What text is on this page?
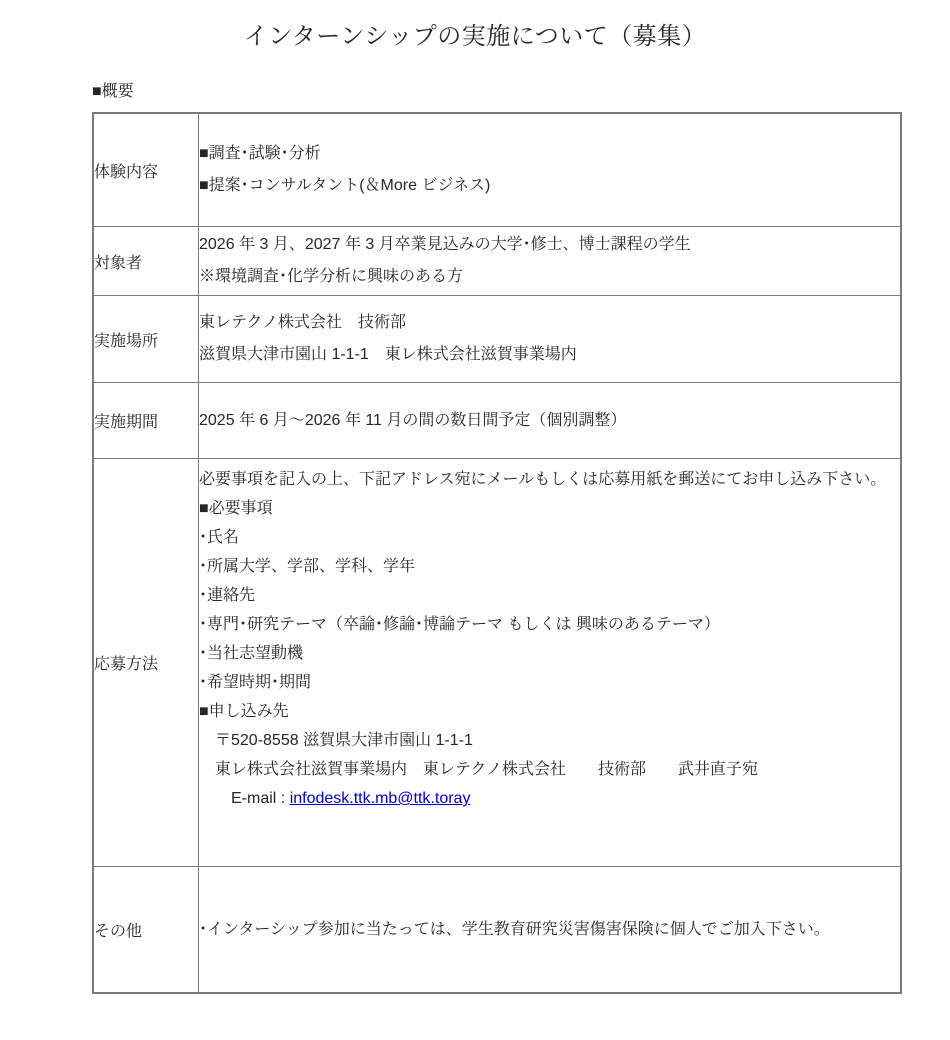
インターンシップの実施について（募集）
■概要
体験内容	■調査･試験･分析
■提案･コンサルタント(＆More ビジネス)

対象者	2026 年 3 月、2027 年 3 月卒業見込みの大学･修士、博士課程の学生
※環境調査･化学分析に興味のある方

実施場所	東レテクノ株式会社　技術部
滋賀県大津市園山 1-1-1　東レ株式会社滋賀事業場内

実施期間	2025 年 6 月～2026 年 11 月の間の数日間予定（個別調整）

応募方法	
必要事項を記入の上、下記アドレス宛にメールもしくは応募用紙を郵送にてお申し込み下さい。
■必要事項
･氏名
･所属大学、学部、学科、学年
･連絡先
･専門･研究テーマ（卒論･修論･博論テーマ もしくは 興味のあるテーマ）
･当社志望動機
･希望時期･期間
■申し込み先
　〒520-8558 滋賀県大津市園山 1-1-1
　東レ株式会社滋賀事業場内　東レテクノ株式会社　　技術部　　武井直子宛
　　E-mail : infodesk.ttk.mb@ttk.toray

その他	･インターシップ参加に当たっては、学生教育研究災害傷害保険に個人でご加入下さい。
